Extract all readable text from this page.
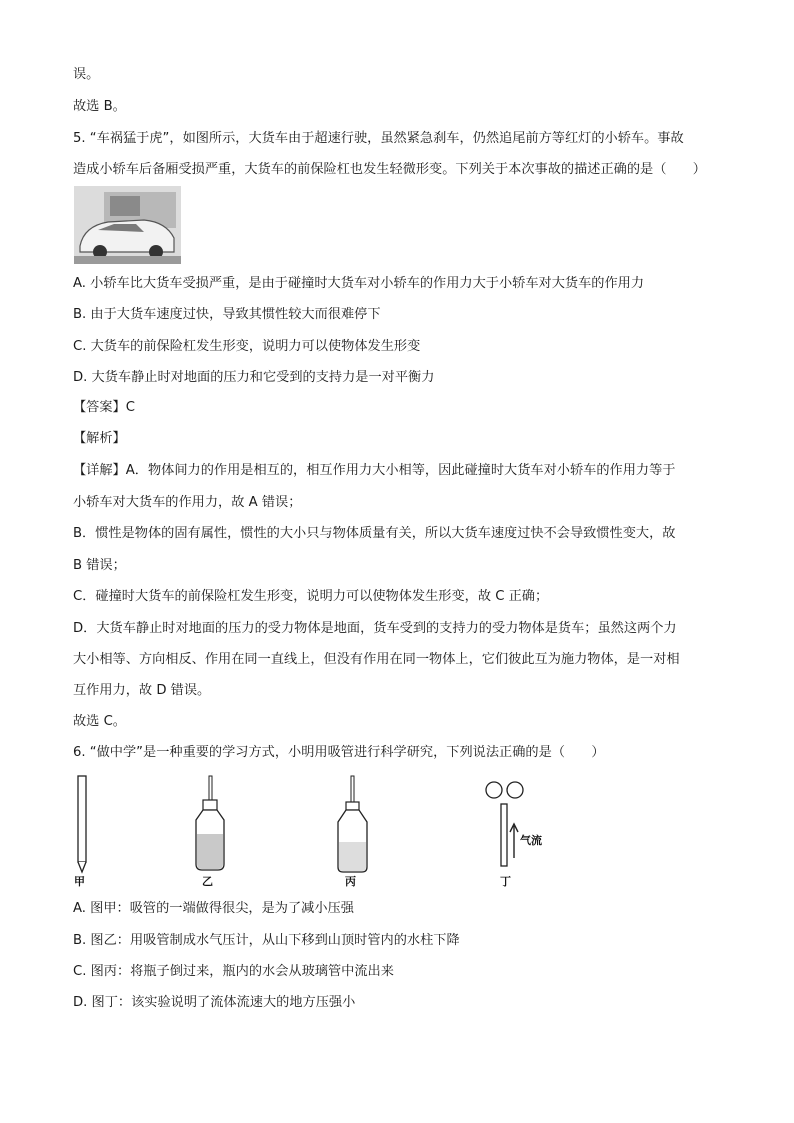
误。
故选 B。
5. “车祸猛于虎”，如图所示，大货车由于超速行驶，虽然紧急刹车，仍然追尾前方等红灯的小轿车。事故
造成小轿车后备厢受损严重，大货车的前保险杠也发生轻微形变。下列关于本次事故的描述正确的是（　　）
A. 小轿车比大货车受损严重，是由于碰撞时大货车对小轿车的作用力大于小轿车对大货车的作用力
B. 由于大货车速度过快，导致其惯性较大而很难停下
C. 大货车的前保险杠发生形变，说明力可以使物体发生形变
D. 大货车静止时对地面的压力和它受到的支持力是一对平衡力
【答案】C
【解析】
【详解】A．物体间力的作用是相互的，相互作用力大小相等，因此碰撞时大货车对小轿车的作用力等于
小轿车对大货车的作用力，故 A 错误；
B．惯性是物体的固有属性，惯性的大小只与物体质量有关，所以大货车速度过快不会导致惯性变大，故
B 错误；
C．碰撞时大货车的前保险杠发生形变，说明力可以使物体发生形变，故 C 正确；
D．大货车静止时对地面的压力的受力物体是地面，货车受到的支持力的受力物体是货车；虽然这两个力
大小相等、方向相反、作用在同一直线上，但没有作用在同一物体上，它们彼此互为施力物体，是一对相
互作用力，故 D 错误。
故选 C。
6. “做中学”是一种重要的学习方式，小明用吸管进行科学研究，下列说法正确的是（　　）
甲	乙	丙
气流
丁
A. 图甲：吸管的一端做得很尖，是为了减小压强
B. 图乙：用吸管制成水气压计，从山下移到山顶时管内的水柱下降
C. 图丙：将瓶子倒过来，瓶内的水会从玻璃管中流出来
D. 图丁：该实验说明了流体流速大的地方压强小
